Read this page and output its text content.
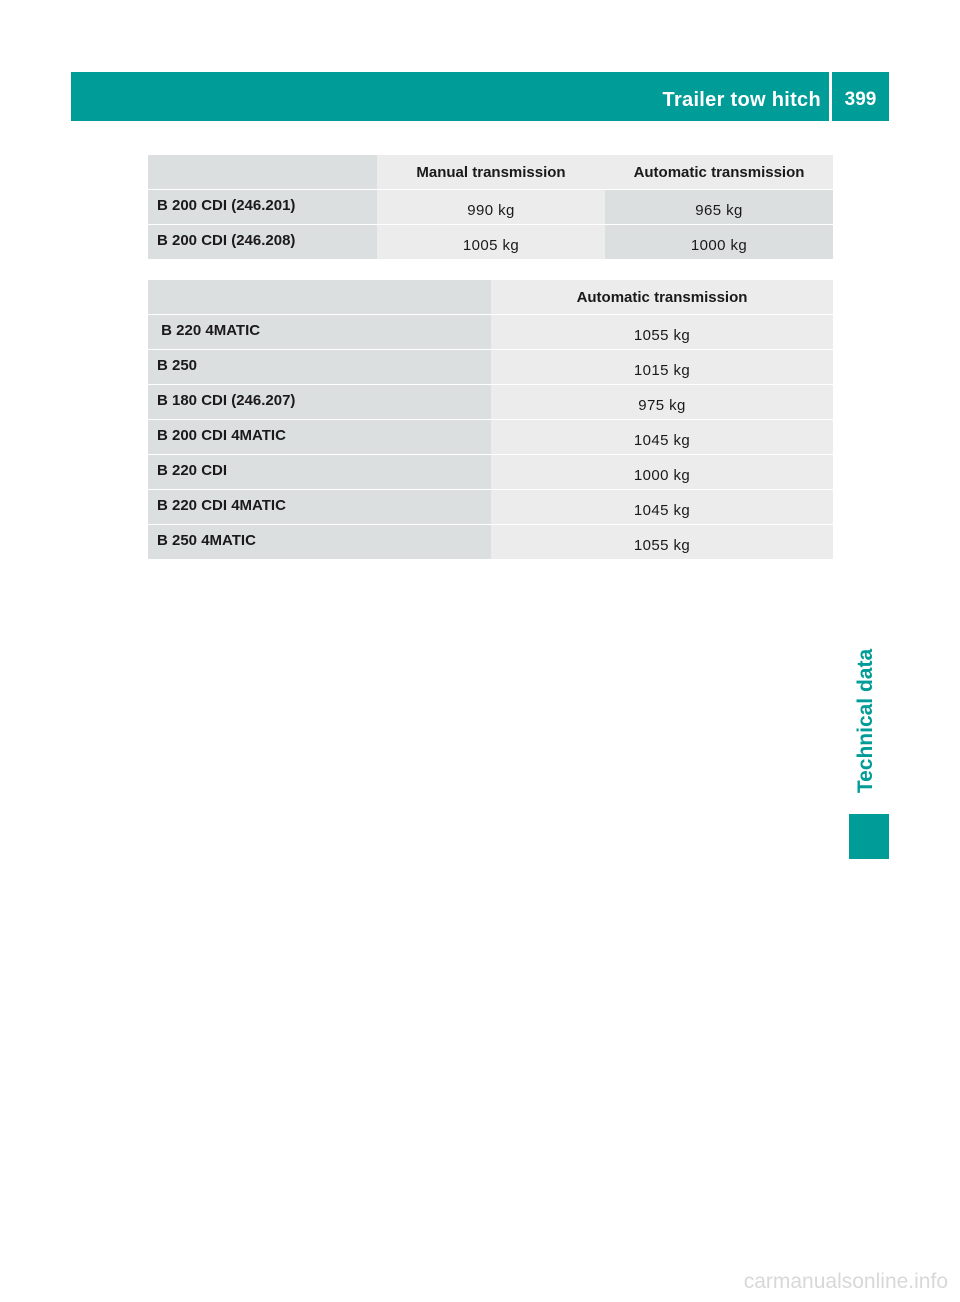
Trailer tow hitch	399
	Manual transmission	Automatic transmission
B 200 CDI (246.201)	990 kg	965 kg
B 200 CDI (246.208)	1005 kg	1000 kg
	Automatic transmission
B 220 4MATIC	1055 kg
B 250	1015 kg
B 180 CDI (246.207)	975 kg
B 200 CDI 4MATIC	1045 kg
B 220 CDI	1000 kg
B 220 CDI 4MATIC	1045 kg
B 250 4MATIC	1055 kg
Technical data
carmanualsonline.info
